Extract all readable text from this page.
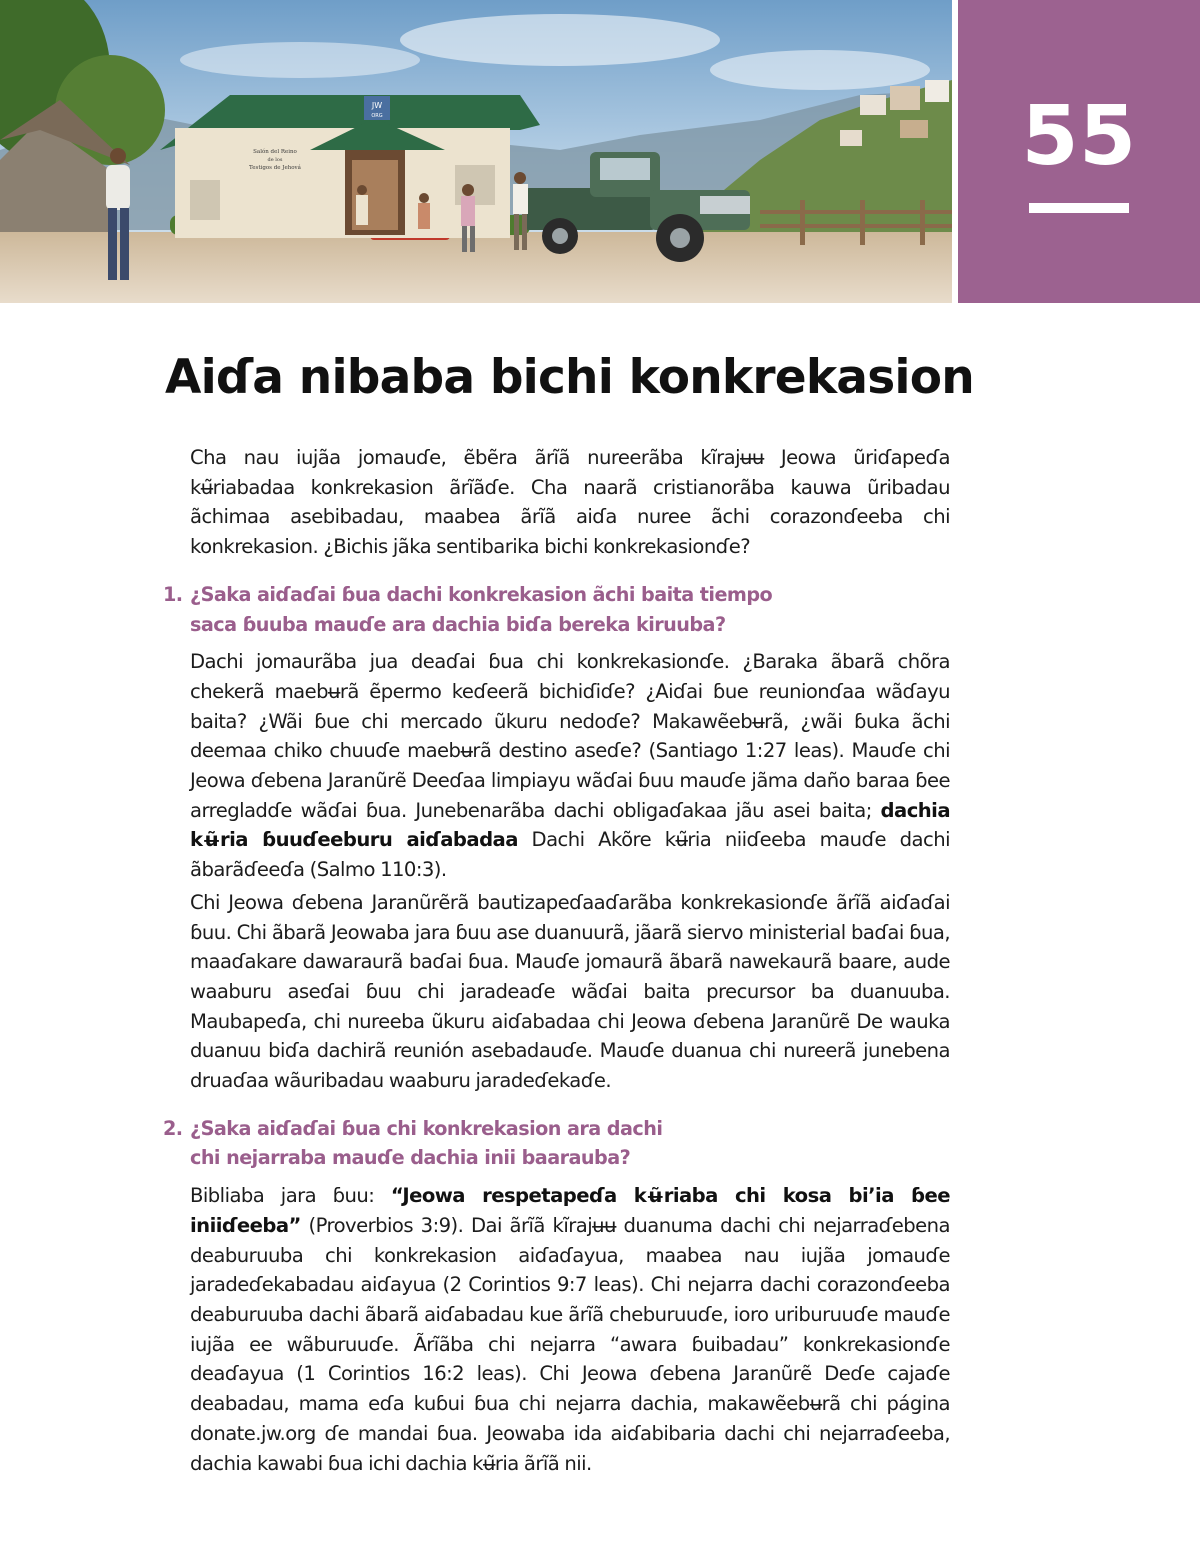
JW
ORG
Salón del Reino
de los
Testigos de Jehová	55
Aiɗa nibaba bichi konkrekasion

Cha nau iujãa jomauɗe, ẽbẽra ãrĩã nureerãba kĩrajʉʉ Jeowa ũriɗapeɗa kʉ̃riabadaa konkrekasion ãrĩãɗe. Cha naarã cristianorãba kauwa ũribadau ãchimaa asebibadau, maabea ãrĩã aiɗa nuree ãchi corazonɗeeba chi konkrekasion. ¿Bichis jãka sentibarika bichi konkrekasionɗe?

1. ¿Saka aiɗaɗai ɓua dachi konkrekasion ãchi baita tiempo
saca ɓuuba mauɗe ara dachia biɗa bereka kiruuba?

Dachi jomaurãba jua deaɗai ɓua chi konkrekasionɗe. ¿Baraka ãbarã chõra chekerã maebʉrã ẽpermo keɗeerã bichiɗiɗe? ¿Aiɗai ɓue reunionɗaa wãɗayu baita? ¿Wãi ɓue chi mercado ũkuru nedoɗe? Makawẽebʉrã, ¿wãi ɓuka ãchi deemaa chiko chuuɗe maebʉrã destino aseɗe? (Santiago 1:27 leas). Mauɗe chi Jeowa ɗebena Jaranũrẽ Deeɗaa limpiayu wãɗai ɓuu mauɗe jãma daño baraa ɓee arregladɗe wãɗai ɓua. Junebenarãba dachi obligaɗakaa jãu asei baita; dachia kʉ̃ria ɓuuɗeeburu aiɗabadaa Dachi Akõre kʉ̃ria niiɗeeba mauɗe dachi ãbarãɗeeɗa (Salmo 110:3).

Chi Jeowa ɗebena Jaranũrẽrã bautizapeɗaaɗarãba konkrekasionɗe ãrĩã aiɗaɗai ɓuu. Chi ãbarã Jeowaba jara ɓuu ase duanuurã, jãarã siervo ministerial baɗai ɓua, maaɗakare dawaraurã baɗai ɓua. Mauɗe jomaurã ãbarã nawekaurã baare, aude waaburu aseɗai ɓuu chi jaradeaɗe wãɗai baita precursor ba duanuuba. Maubapeɗa, chi nureeba ũkuru aiɗabadaa chi Jeowa ɗebena Jaranũrẽ De wauka duanuu biɗa dachirã reunión asebadauɗe. Mauɗe duanua chi nureerã junebena druaɗaa wãuribadau waaburu jaradeɗekaɗe.

2. ¿Saka aiɗaɗai ɓua chi konkrekasion ara dachi
chi nejarraba mauɗe dachia inii baarauba?

Bibliaba jara ɓuu: “Jeowa respetapeɗa kʉ̃riaba chi kosa bi’ia ɓee iniiɗeeba” (Proverbios 3:9). Dai ãrĩã kĩrajʉʉ duanuma dachi chi nejarraɗebena deaburuuba chi konkrekasion aiɗaɗayua, maabea nau iujãa jomauɗe jaradeɗekabadau aiɗayua (2 Corintios 9:7 leas). Chi nejarra dachi corazonɗeeba deaburuuba dachi ãbarã aiɗabadau kue ãrĩã cheburuuɗe, ioro uriburuuɗe mauɗe iujãa ee wãburuuɗe. Ãrĩãba chi nejarra “awara ɓuibadau” konkrekasionɗe deaɗayua (1 Corintios 16:2 leas). Chi Jeowa ɗebena Jaranũrẽ Deɗe cajaɗe deabadau, mama eɗa kuɓui ɓua chi nejarra dachia, makawẽebʉrã chi página donate.jw.org ɗe mandai ɓua. Jeowaba ida aiɗabibaria dachi chi nejarraɗeeba, dachia kawabi ɓua ichi dachia kʉ̃ria ãrĩã nii.
